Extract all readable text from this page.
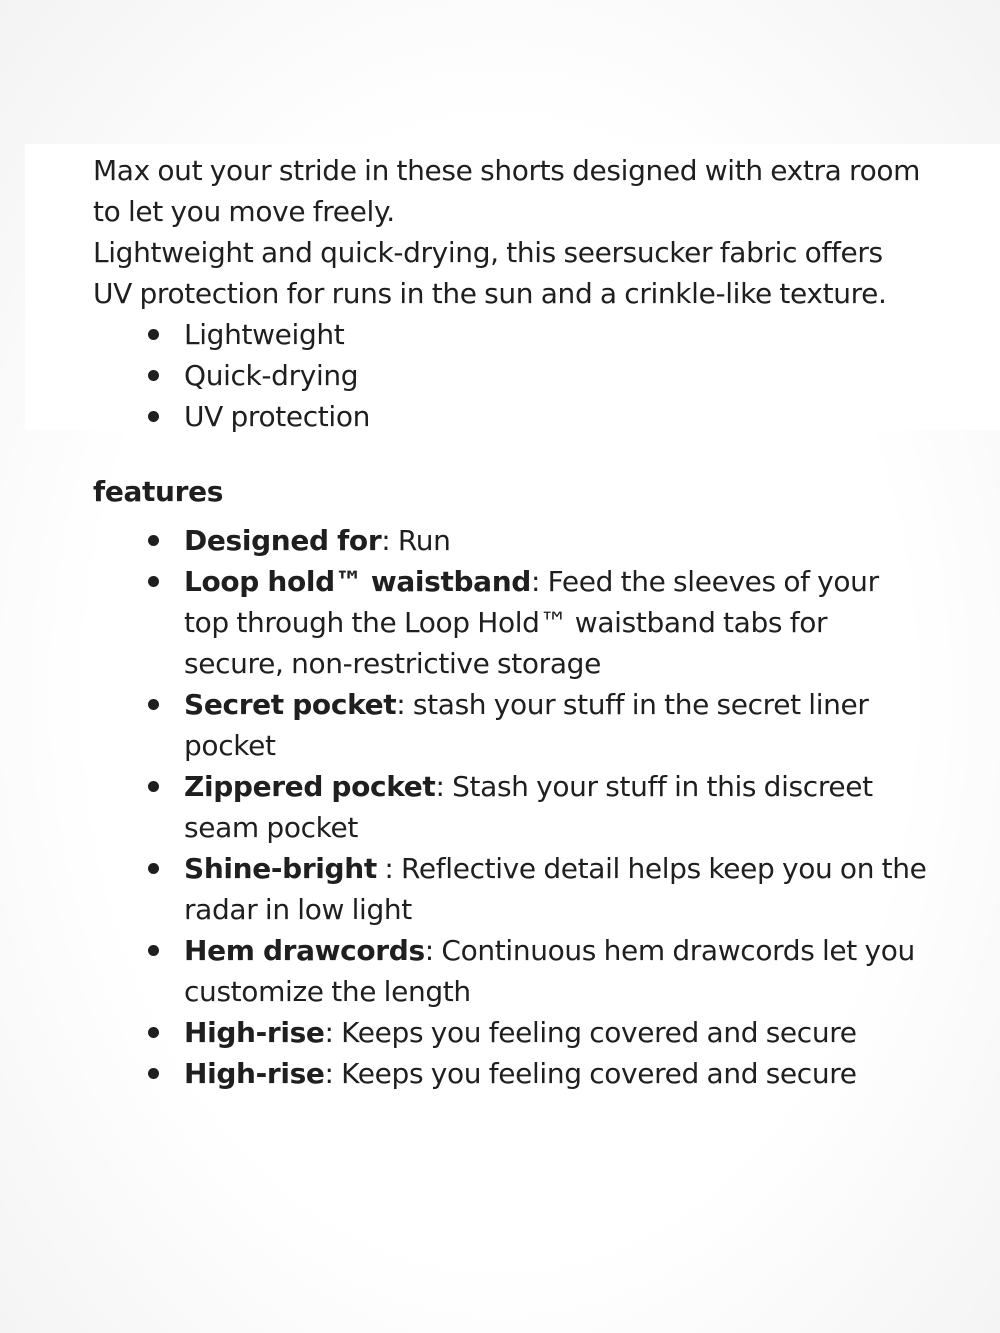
Max out your stride in these shorts designed with extra room to let you move freely.

Lightweight and quick-drying, this seersucker fabric offers UV protection for runs in the sun and a crinkle-like texture.

Lightweight
Quick-drying
UV protection
features
Designed for: Run
Loop hold™ waistband: Feed the sleeves of your top through the Loop Hold™ waistband tabs for secure, non-restrictive storage
Secret pocket: stash your stuff in the secret liner pocket
Zippered pocket: Stash your stuff in this discreet seam pocket
Shine-bright : Reflective detail helps keep you on the radar in low light
Hem drawcords: Continuous hem drawcords let you customize the length
High-rise: Keeps you feeling covered and secure
High-rise: Keeps you feeling covered and secure
